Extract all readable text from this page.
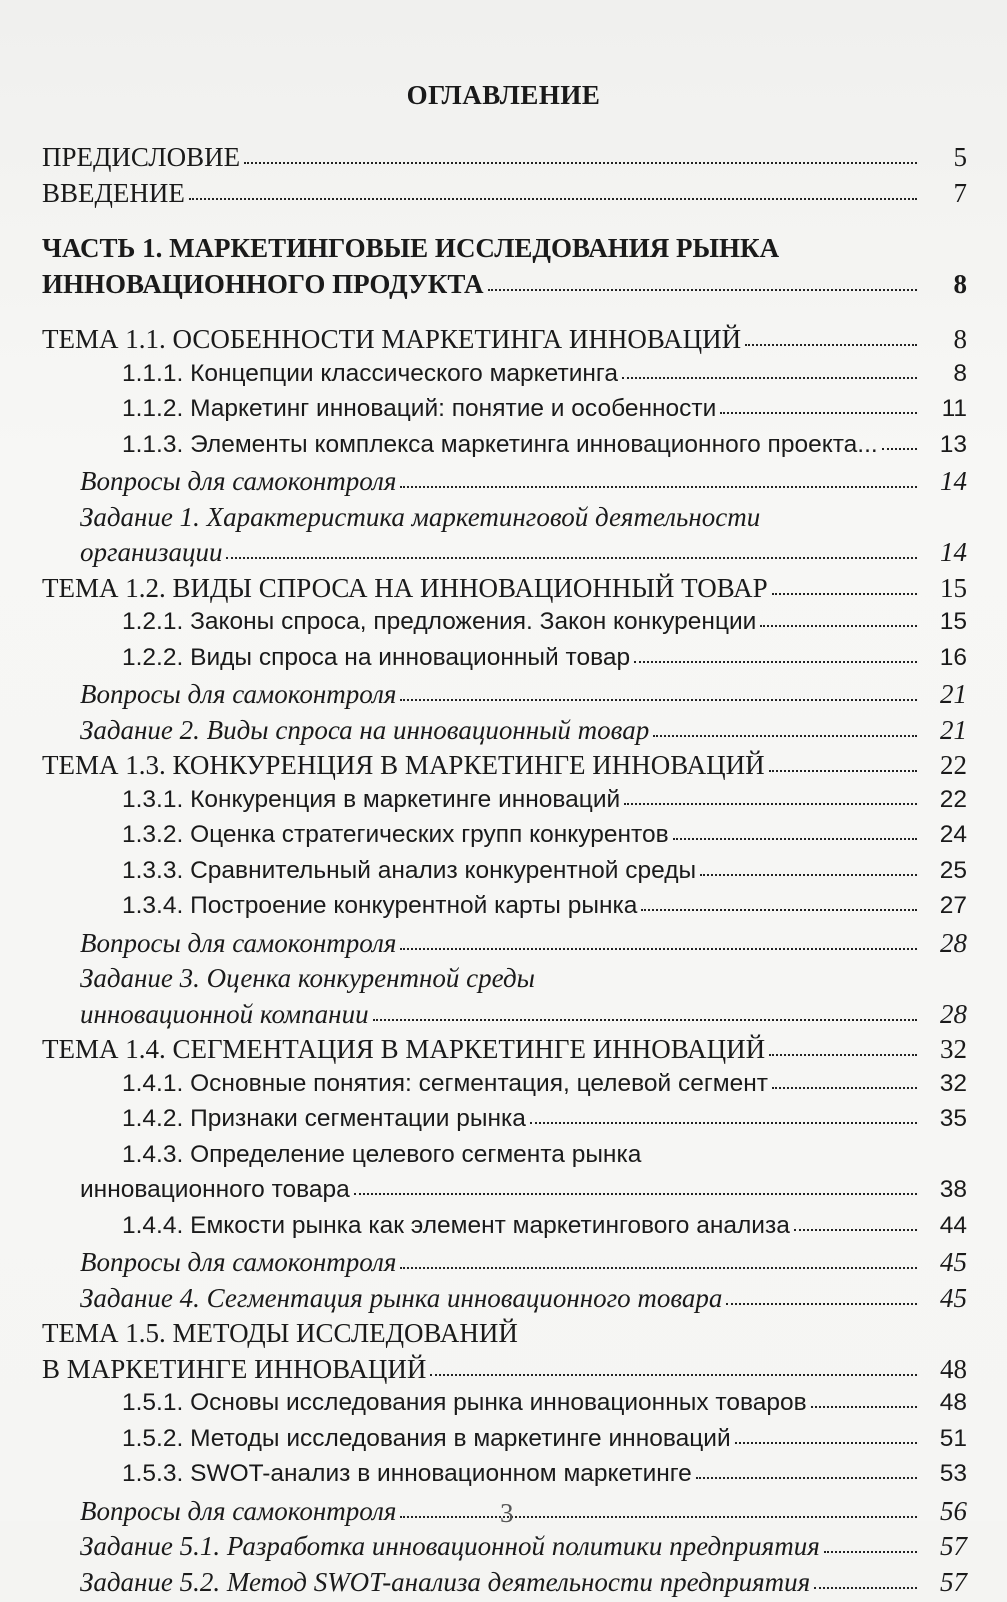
ОГЛАВЛЕНИЕ
ПРЕДИСЛОВИЕ	5
ВВЕДЕНИЕ	7
ЧАСТЬ 1. МАРКЕТИНГОВЫЕ ИССЛЕДОВАНИЯ РЫНКА
ИННОВАЦИОННОГО ПРОДУКТА	8
ТЕМА 1.1. ОСОБЕННОСТИ МАРКЕТИНГА ИННОВАЦИЙ	8
1.1.1. Концепции классического маркетинга	8
1.1.2. Маркетинг инноваций: понятие и особенности	11
1.1.3. Элементы комплекса маркетинга инновационного проекта...	13
Вопросы для самоконтроля	14
Задание 1. Характеристика маркетинговой деятельности
организации	14
ТЕМА 1.2. ВИДЫ СПРОСА НА ИННОВАЦИОННЫЙ ТОВАР	15
1.2.1. Законы спроса, предложения. Закон конкуренции	15
1.2.2. Виды спроса на инновационный товар	16
Вопросы для самоконтроля	21
Задание 2. Виды спроса на инновационный товар	21
ТЕМА 1.3. КОНКУРЕНЦИЯ В МАРКЕТИНГЕ ИННОВАЦИЙ	22
1.3.1. Конкуренция в маркетинге инноваций	22
1.3.2. Оценка стратегических групп конкурентов	24
1.3.3. Сравнительный анализ конкурентной среды	25
1.3.4. Построение конкурентной карты рынка	27
Вопросы для самоконтроля	28
Задание 3. Оценка конкурентной среды
инновационной компании	28
ТЕМА 1.4. СЕГМЕНТАЦИЯ В МАРКЕТИНГЕ ИННОВАЦИЙ	32
1.4.1. Основные понятия: сегментация, целевой сегмент	32
1.4.2. Признаки сегментации рынка	35
1.4.3. Определение целевого сегмента рынка
инновационного товара	38
1.4.4. Емкости рынка как элемент маркетингового анализа	44
Вопросы для самоконтроля	45
Задание 4. Сегментация рынка инновационного товара	45
ТЕМА 1.5. МЕТОДЫ ИССЛЕДОВАНИЙ
В МАРКЕТИНГЕ ИННОВАЦИЙ	48
1.5.1. Основы исследования рынка инновационных товаров	48
1.5.2. Методы исследования в маркетинге инноваций	51
1.5.3. SWOT-анализ в инновационном маркетинге	53
Вопросы для самоконтроля	56
Задание 5.1. Разработка инновационной политики предприятия	57
Задание 5.2. Метод SWOT-анализа деятельности предприятия	57
3
